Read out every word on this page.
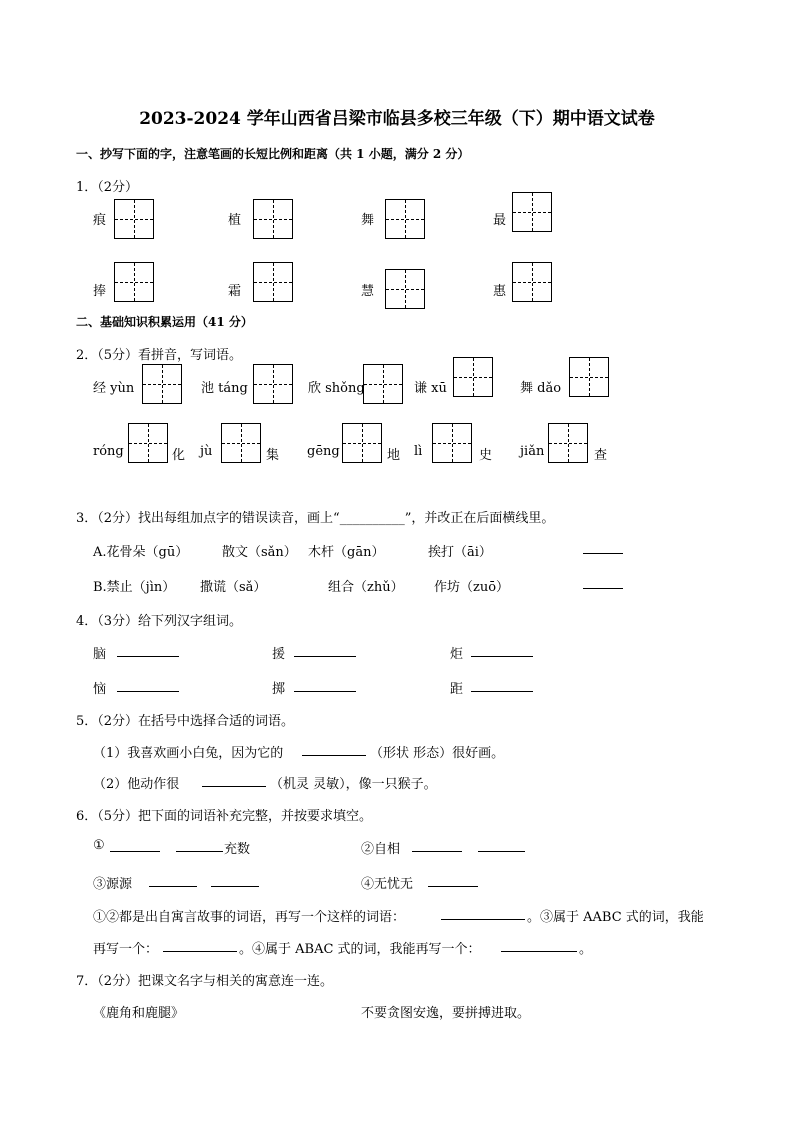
2023-2024 学年山西省吕梁市临县多校三年级（下）期中语文试卷
一、抄写下面的字，注意笔画的长短比例和距离（共 1 小题，满分 2 分）
1．（2分）
痕	植	舞	最
捧	霜	慧	惠
二、基础知识积累运用（41 分）
2．（5分）看拼音，写词语。
经 yùn	池 táng	欣 shǒng	谦 xū	舞 dǎo
róng	化 jù	集 gēng	地 lì	史 jiǎn	查
3．（2分）找出每组加点字的错误读音，画上“__________”，并改正在后面横线里。
A.花骨朵（gū）	散文（sǎn） 木杆（gān）	挨打（āi）
B.禁止（jìn） 撒谎（sǎ）	组合（zhǔ） 作坊（zuō）
4．（3分）给下列汉字组词。
脑	援	炬
恼	掷	距
5．（2分）在括号中选择合适的词语。
（1）我喜欢画小白兔，因为它的	（形状 形态）很好画。
（2）他动作很	（机灵 灵敏），像一只猴子。
6．（5分）把下面的词语补充完整，并按要求填空。
①	充数	②自相
③源源	④无忧无
①②都是出自寓言故事的词语，再写一个这样的词语：	。③属于 AABC 式的词，我能
再写一个：	。④属于 ABAC 式的词，我能再写一个：	。
7．（2分）把课文名字与相关的寓意连一连。
《鹿角和鹿腿》	不要贪图安逸，要拼搏进取。
